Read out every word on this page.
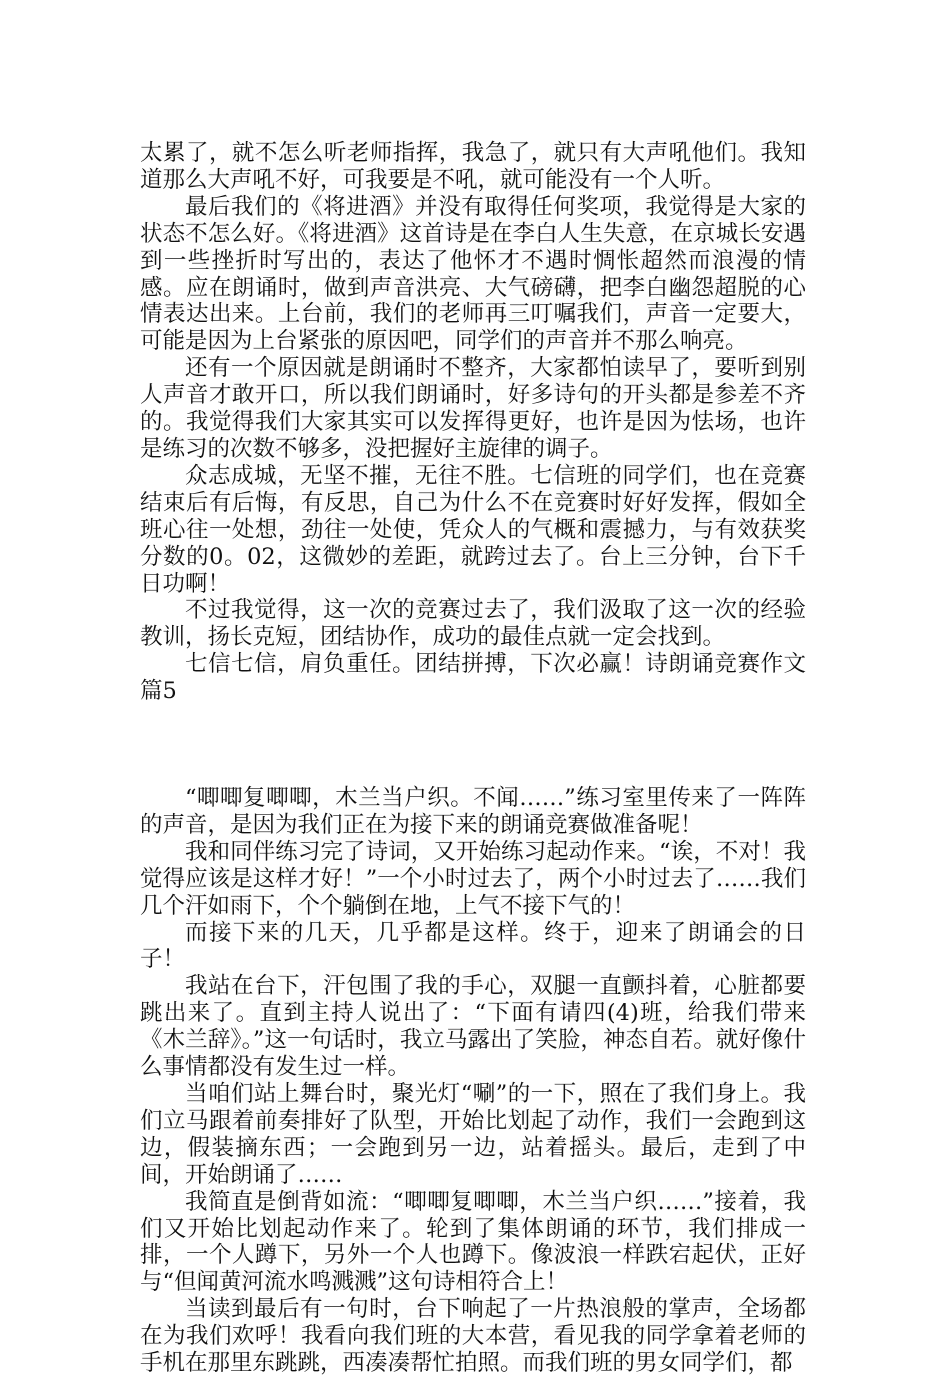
太累了，就不怎么听老师指挥，我急了，就只有大声吼他们。我知道那么大声吼不好，可我要是不吼，就可能没有一个人听。

最后我们的《将进酒》并没有取得任何奖项，我觉得是大家的状态不怎么好。《将进酒》这首诗是在李白人生失意，在京城长安遇到一些挫折时写出的，表达了他怀才不遇时惆怅超然而浪漫的情感。应在朗诵时，做到声音洪亮、大气磅礴，把李白幽怨超脱的心情表达出来。上台前，我们的老师再三叮嘱我们，声音一定要大，可能是因为上台紧张的原因吧，同学们的声音并不那么响亮。

还有一个原因就是朗诵时不整齐，大家都怕读早了，要听到别人声音才敢开口，所以我们朗诵时，好多诗句的开头都是参差不齐的。我觉得我们大家其实可以发挥得更好，也许是因为怯场，也许是练习的次数不够多，没把握好主旋律的调子。

众志成城，无坚不摧，无往不胜。七信班的同学们，也在竞赛结束后有后悔，有反思，自己为什么不在竞赛时好好发挥，假如全班心往一处想，劲往一处使，凭众人的气概和震撼力，与有效获奖分数的0。02，这微妙的差距，就跨过去了。台上三分钟，台下千日功啊！

不过我觉得，这一次的竞赛过去了，我们汲取了这一次的经验教训，扬长克短，团结协作，成功的最佳点就一定会找到。

七信七信，肩负重任。团结拼搏，下次必赢！诗朗诵竞赛作文篇5

“唧唧复唧唧，木兰当户织。不闻……”练习室里传来了一阵阵的声音，是因为我们正在为接下来的朗诵竞赛做准备呢！

我和同伴练习完了诗词，又开始练习起动作来。“诶，不对！我觉得应该是这样才好！”一个小时过去了，两个小时过去了……我们几个汗如雨下，个个躺倒在地，上气不接下气的！

而接下来的几天，几乎都是这样。终于，迎来了朗诵会的日子！

我站在台下，汗包围了我的手心，双腿一直颤抖着，心脏都要跳出来了。直到主持人说出了：“下面有请四(4)班，给我们带来《木兰辞》。”这一句话时，我立马露出了笑脸，神态自若。就好像什么事情都没有发生过一样。

当咱们站上舞台时，聚光灯“唰”的一下，照在了我们身上。我们立马跟着前奏排好了队型，开始比划起了动作，我们一会跑到这边，假装摘东西；一会跑到另一边，站着摇头。最后，走到了中间，开始朗诵了……

我简直是倒背如流：“唧唧复唧唧，木兰当户织……”接着，我们又开始比划起动作来了。轮到了集体朗诵的环节，我们排成一排，一个人蹲下，另外一个人也蹲下。像波浪一样跌宕起伏，正好与“但闻黄河流水鸣溅溅”这句诗相符合上！

当读到最后有一句时，台下响起了一片热浪般的掌声，全场都在为我们欢呼！我看向我们班的大本营，看见我的同学拿着老师的手机在那里东跳跳，西凑凑帮忙拍照。而我们班的男女同学们，都
